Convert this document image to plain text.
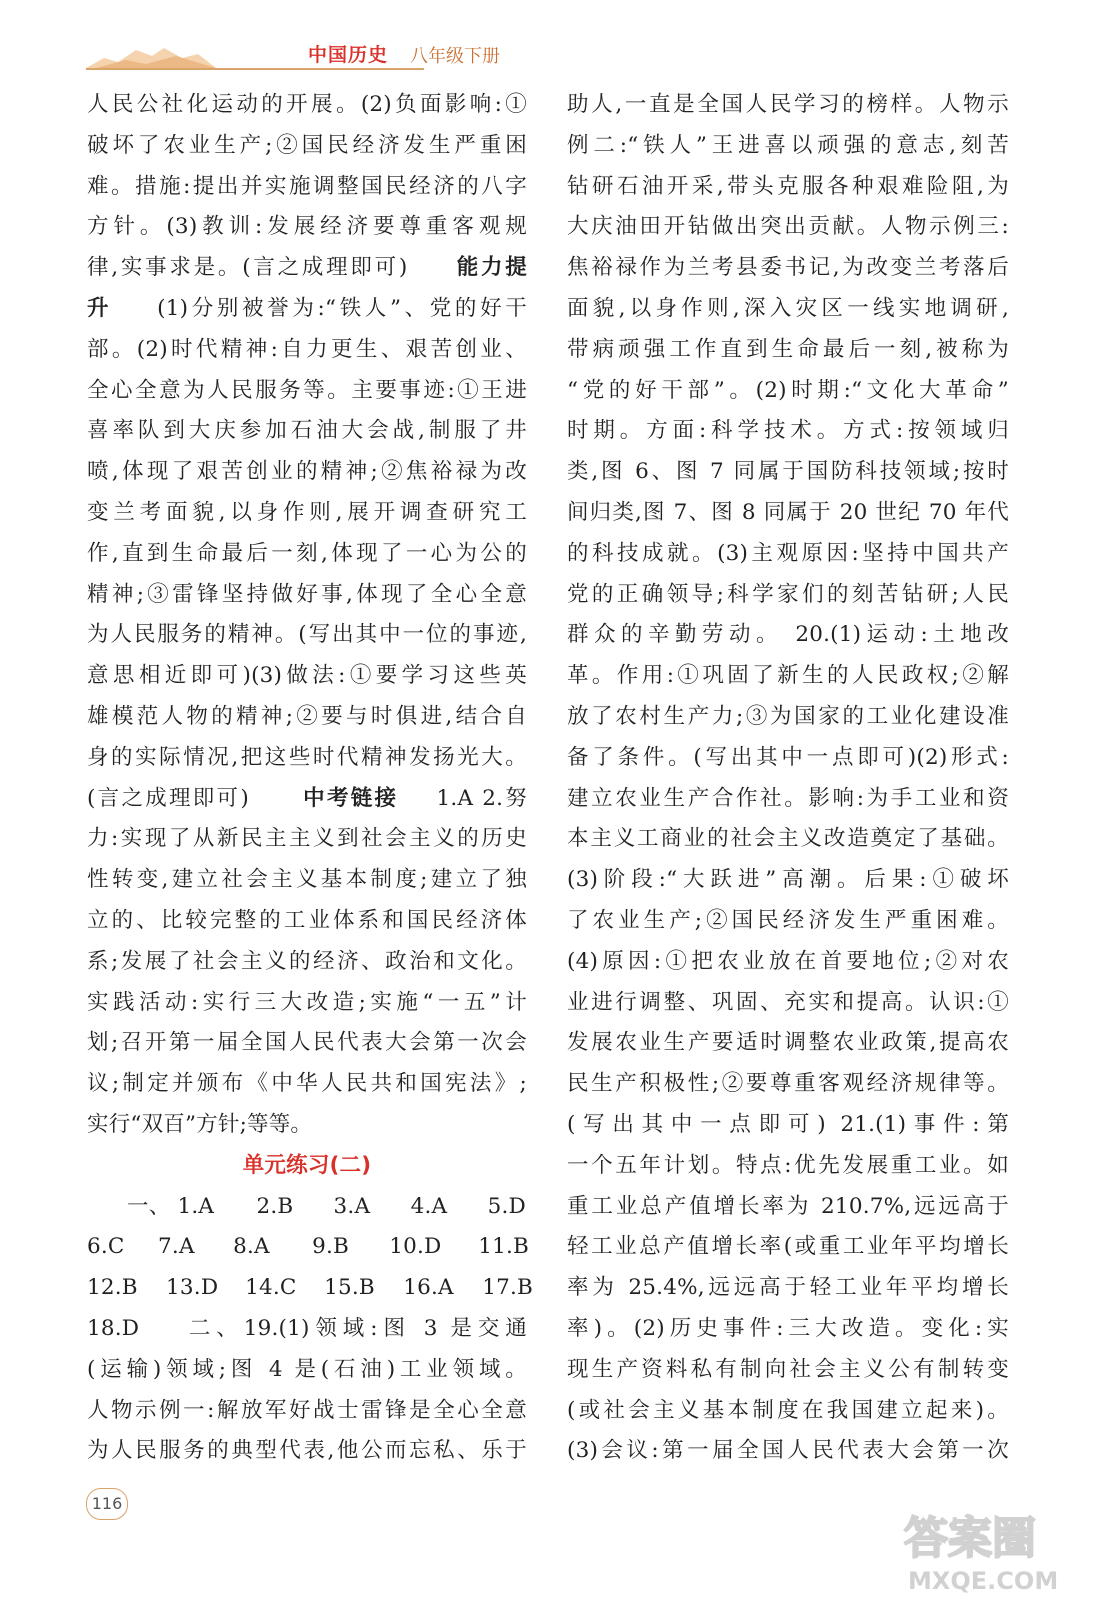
中国历史 八年级下册
人民公社化运动的开展。(2)负面影响:①
破坏了农业生产;②国民经济发生严重困
难。措施:提出并实施调整国民经济的八字
方针。(3)教训:发展经济要尊重客观规
律,实事求是。(言之成理即可) 能力提
升 (1)分别被誉为:“铁人”、党的好干
部。(2)时代精神:自力更生、艰苦创业、
全心全意为人民服务等。主要事迹:①王进
喜率队到大庆参加石油大会战,制服了井
喷,体现了艰苦创业的精神;②焦裕禄为改
变兰考面貌,以身作则,展开调查研究工
作,直到生命最后一刻,体现了一心为公的
精神;③雷锋坚持做好事,体现了全心全意
为人民服务的精神。(写出其中一位的事迹,
意思相近即可)(3)做法:①要学习这些英
雄模范人物的精神;②要与时俱进,结合自
身的实际情况,把这些时代精神发扬光大。
(言之成理即可)	中考链接 1.A 2.努
力:实现了从新民主主义到社会主义的历史
性转变,建立社会主义基本制度;建立了独
立的、比较完整的工业体系和国民经济体
系;发展了社会主义的经济、政治和文化。
实践活动:实行三大改造;实施“一五”计
划;召开第一届全国人民代表大会第一次会
议;制定并颁布《中华人民共和国宪法》;
实行“双百”方针;等等。
单元练习(二)
一、 1.A 2.B 3.A 4.A 5.D
6.C 7.A 8.A 9.B 10.D 11.B
12.B 13.D 14.C 15.B 16.A 17.B
18.D 二、19.(1)领域:图 3 是交通
(运输)领域;图 4 是(石油)工业领域。
人物示例一:解放军好战士雷锋是全心全意
为人民服务的典型代表,他公而忘私、乐于
助人,一直是全国人民学习的榜样。人物示
例二:“铁人”王进喜以顽强的意志,刻苦
钻研石油开采,带头克服各种艰难险阻,为
大庆油田开钻做出突出贡献。人物示例三:
焦裕禄作为兰考县委书记,为改变兰考落后
面貌,以身作则,深入灾区一线实地调研,
带病顽强工作直到生命最后一刻,被称为
“党的好干部”。(2)时期:“文化大革命”
时期。方面:科学技术。方式:按领域归
类,图 6、图 7 同属于国防科技领域;按时
间归类,图 7、图 8 同属于 20 世纪 70 年代
的科技成就。(3)主观原因:坚持中国共产
党的正确领导;科学家们的刻苦钻研;人民
群众的辛勤劳动。 20.(1)运动:土地改
革。作用:①巩固了新生的人民政权;②解
放了农村生产力;③为国家的工业化建设准
备了条件。(写出其中一点即可)(2)形式:
建立农业生产合作社。影响:为手工业和资
本主义工商业的社会主义改造奠定了基础。
(3)阶段:“大跃进”高潮。后果:①破坏
了农业生产;②国民经济发生严重困难。
(4)原因:①把农业放在首要地位;②对农
业进行调整、巩固、充实和提高。认识:①
发展农业生产要适时调整农业政策,提高农
民生产积极性;②要尊重客观经济规律等。
(写出其中一点即可) 21.(1)事件:第
一个五年计划。特点:优先发展重工业。如
重工业总产值增长率为 210.7%,远远高于
轻工业总产值增长率(或重工业年平均增长
率为 25.4%,远远高于轻工业年平均增长
率)。(2)历史事件:三大改造。变化:实
现生产资料私有制向社会主义公有制转变
(或社会主义基本制度在我国建立起来)。
(3)会议:第一届全国人民代表大会第一次
116
答案圈
MXQE.COM
